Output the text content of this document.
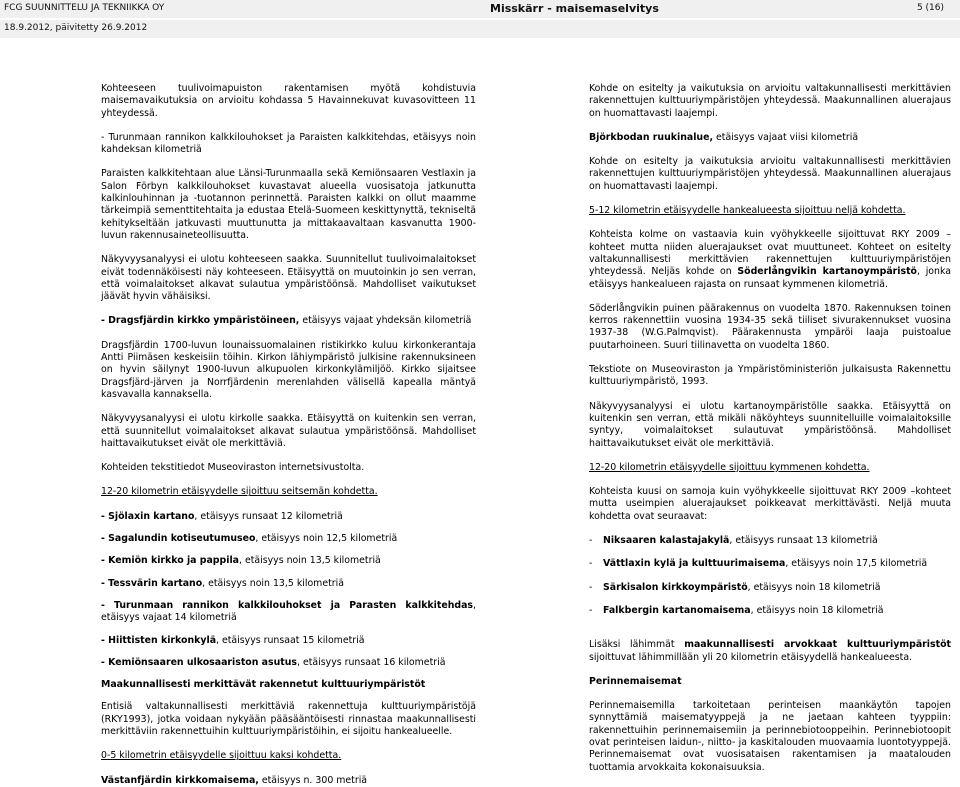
FCG SUUNNITTELU JA TEKNIIKKA OY	Misskärr - maisemaselvitys	5 (16)
18.9.2012, päivitetty 26.9.2012

Kohteeseen tuulivoimapuiston rakentamisen myötä kohdistuvia maisemavaikutuksia on arvioitu kohdassa 5 Havainnekuvat kuvasovitteen 11 yhteydessä.

- Turunmaan rannikon kalkkilouhokset ja Paraisten kalkkitehdas, etäisyys noin kahdeksan kilometriä

Paraisten kalkkitehtaan alue Länsi-Turunmaalla sekä Kemiönsaaren Vestlaxin ja Salon Förbyn kalkkilouhokset kuvastavat alueella vuosisatoja jatkunutta kalkinlouhinnan ja -tuotannon perinnettä. Paraisten kalkki on ollut maamme tärkeimpiä sementtitehtaita ja edustaa Etelä-Suomeen keskittynyttä, tekniseltä kehitykseltään jatkuvasti muuttunutta ja mittakaavaltaan kasvanutta 1900-luvun rakennusaineteollisuutta.

Näkyvyysanalyysi ei ulotu kohteeseen saakka. Suunnitellut tuulivoimalaitokset eivät todennäköisesti näy kohteeseen. Etäisyyttä on muutoinkin jo sen verran, että voimalaitokset alkavat sulautua ympäristöönsä. Mahdolliset vaikutukset jäävät hyvin vähäisiksi.

- Dragsfjärdin kirkko ympäristöineen, etäisyys vajaat yhdeksän kilometriä

Dragsfjärdin 1700-luvun lounaissuomalainen ristikirkko kuluu kirkonkerantaja Antti Piimäsen keskeisiin töihin. Kirkon lähiympäristö julkisine rakennuksineen on hyvin säilynyt 1900-luvun alkupuolen kirkonkylämiljöö. Kirkko sijaitsee Dragsfjärd-järven ja Norrfjärdenin merenlahden välisellä kapealla mäntyä kasvavalla kannaksella.

Näkyvyysanalyysi ei ulotu kirkolle saakka. Etäisyyttä on kuitenkin sen verran, että suunnitellut voimalaitokset alkavat sulautua ympäristöönsä. Mahdolliset haittavaikutukset eivät ole merkittäviä.

Kohteiden tekstitiedot Museoviraston internetsivustolta.

12-20 kilometrin etäisyydelle sijoittuu seitsemän kohdetta.

- Sjölaxin kartano, etäisyys runsaat 12 kilometriä

- Sagalundin kotiseutumuseo, etäisyys noin 12,5 kilometriä

- Kemiön kirkko ja pappila, etäisyys noin 13,5 kilometriä

- Tessvärin kartano, etäisyys noin 13,5 kilometriä

- Turunmaan rannikon kalkkilouhokset ja Parasten kalkkitehdas, etäisyys vajaat 14 kilometriä

- Hiittisten kirkonkylä, etäisyys runsaat 15 kilometriä

- Kemiönsaaren ulkosaariston asutus, etäisyys runsaat 16 kilometriä

Maakunnallisesti merkittävät rakennetut kulttuuriympäristöt

Entisiä valtakunnallisesti merkittäviä rakennettuja kulttuuriympäristöjä (RKY1993), jotka voidaan nykyään pääsääntöisesti rinnastaa maakunnallisesti merkittäviin rakennettuihin kulttuuriympäristöihin, ei sijoitu hankealueelle.

0-5 kilometrin etäisyydelle sijoittuu kaksi kohdetta.

Västanfjärdin kirkkomaisema, etäisyys n. 300 metriä

Kohde on esitelty ja vaikutuksia on arvioitu valtakunnallisesti merkittävien rakennettujen kulttuuriympäristöjen yhteydessä. Maakunnallinen aluerajaus on huomattavasti laajempi.

Björkbodan ruukinalue, etäisyys vajaat viisi kilometriä

Kohde on esitelty ja vaikutuksia arvioitu valtakunnallisesti merkittävien rakennettujen kulttuuriympäristöjen yhteydessä. Maakunnallinen aluerajaus on huomattavasti laajempi.

5-12 kilometrin etäisyydelle hankealueesta sijoittuu neljä kohdetta.

Kohteista kolme on vastaavia kuin vyöhykkeelle sijoittuvat RKY 2009 –kohteet mutta niiden aluerajaukset ovat muuttuneet. Kohteet on esitelty valtakunnallisesti merkittävien rakennettujen kulttuuriympäristöjen yhteydessä. Neljäs kohde on Söderlångvikin kartanoympäristö, jonka etäisyys hankealueen rajasta on runsaat kymmenen kilometriä.

Söderlångvikin puinen päärakennus on vuodelta 1870. Rakennuksen toinen kerros rakennettiin vuosina 1934-35 sekä tiiliset sivurakennukset vuosina 1937-38 (W.G.Palmqvist). Päärakennusta ympäröi laaja puistoalue puutarhoineen. Suuri tiilinavetta on vuodelta 1860.

Tekstiote on Museoviraston ja Ympäristöministeriön julkaisusta Rakennettu kulttuuriympäristö, 1993.

Näkyvyysanalyysi ei ulotu kartanoympäristölle saakka. Etäisyyttä on kuitenkin sen verran, että mikäli näköyhteys suunnitelluille voimalaitoksille syntyy, voimalaitokset sulautuvat ympäristöönsä. Mahdolliset haittavaikutukset eivät ole merkittäviä.

12-20 kilometrin etäisyydelle sijoittuu kymmenen kohdetta.

Kohteista kuusi on samoja kuin vyöhykkeelle sijoittuvat RKY 2009 –kohteet mutta useimpien aluerajaukset poikkeavat merkittävästi. Neljä muuta kohdetta ovat seuraavat:

-	Niksaaren kalastajakylä, etäisyys runsaat 13 kilometriä
-	Vättlaxin kylä ja kulttuurimaisema, etäisyys noin 17,5 kilometriä
-	Särkisalon kirkkoympäristö, etäisyys noin 18 kilometriä
-	Falkbergin kartanomaisema, etäisyys noin 18 kilometriä

Lisäksi lähimmät maakunnallisesti arvokkaat kulttuuriympäristöt sijoittuvat lähimmillään yli 20 kilometrin etäisyydellä hankealueesta.

Perinnemaisemat

Perinnemaisemilla tarkoitetaan perinteisen maankäytön tapojen synnyttämiä maisematyyppejä ja ne jaetaan kahteen tyyppiin: rakennettuihin perinnemaisemiin ja perinnebiotooppeihin. Perinnebiotoopit ovat perinteisen laidun-, niitto- ja kaskitalouden muovaamia luontotyyppejä. Perinnemaisemat ovat vuosisataisen rakentamisen ja maatalouden tuottamia arvokkaita kokonaisuuksia.
